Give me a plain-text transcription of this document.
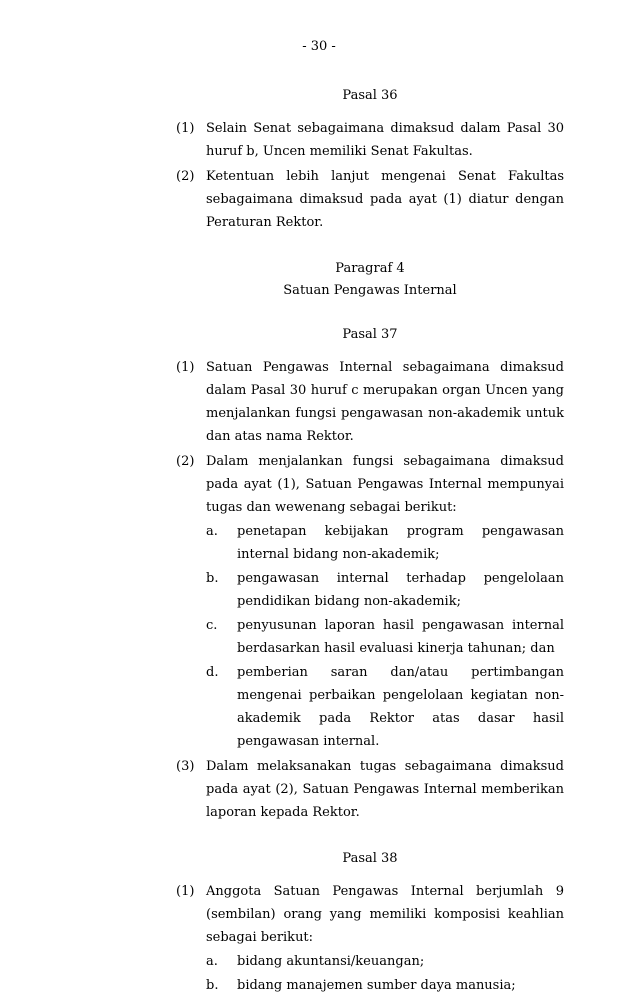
- 30 -
Pasal 36
(1) Selain Senat sebagaimana dimaksud dalam Pasal 30 huruf b, Uncen memiliki Senat Fakultas.
(2) Ketentuan lebih lanjut mengenai Senat Fakultas sebagaimana dimaksud pada ayat (1) diatur dengan Peraturan Rektor.
Paragraf 4
Satuan Pengawas Internal
Pasal 37
(1) Satuan Pengawas Internal sebagaimana dimaksud dalam Pasal 30 huruf c merupakan organ Uncen yang menjalankan fungsi pengawasan non-akademik untuk dan atas nama Rektor.
(2) Dalam menjalankan fungsi sebagaimana dimaksud pada ayat (1), Satuan Pengawas Internal mempunyai tugas dan wewenang sebagai berikut:
a. penetapan kebijakan program pengawasan internal bidang non-akademik;
b. pengawasan internal terhadap pengelolaan pendidikan bidang non-akademik;
c. penyusunan laporan hasil pengawasan internal berdasarkan hasil evaluasi kinerja tahunan; dan
d. pemberian saran dan/atau pertimbangan mengenai perbaikan pengelolaan kegiatan non-akademik pada Rektor atas dasar hasil pengawasan internal.
(3) Dalam melaksanakan tugas sebagaimana dimaksud pada ayat (2), Satuan Pengawas Internal memberikan laporan kepada Rektor.
Pasal 38
(1) Anggota Satuan Pengawas Internal berjumlah 9 (sembilan) orang yang memiliki komposisi keahlian sebagai berikut:
a. bidang akuntansi/keuangan;
b. bidang manajemen sumber daya manusia;
